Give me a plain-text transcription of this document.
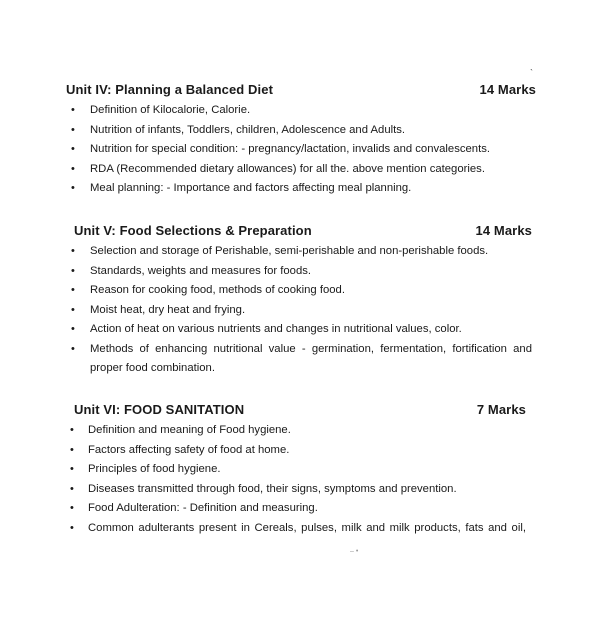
`
Unit IV: Planning a Balanced Diet	14 Marks
• Definition of Kilocalorie, Calorie.
• Nutrition of infants, Toddlers, children, Adolescence and Adults.
• Nutrition for special condition: - pregnancy/lactation, invalids and convalescents.
• RDA (Recommended dietary allowances) for all the. above mention categories.
• Meal planning: - Importance and factors affecting meal planning.
Unit V: Food Selections & Preparation	14 Marks
• Selection and storage of Perishable, semi-perishable and non-perishable foods.
• Standards, weights and measures for foods.
• Reason for cooking food, methods of cooking food.
• Moist heat, dry heat and frying.
• Action of heat on various nutrients and changes in nutritional values, color.
• Methods of enhancing nutritional value - germination, fermentation, fortification and
proper food combination.
Unit VI: FOOD SANITATION	7 Marks
• Definition and meaning of Food hygiene.
• Factors affecting safety of food at home.
• Principles of food hygiene.
• Diseases transmitted through food, their signs, symptoms and prevention.
• Food Adulteration: - Definition and measuring.
• Common adulterants present in Cereals, pulses, milk and milk products, fats and oil,
– •
